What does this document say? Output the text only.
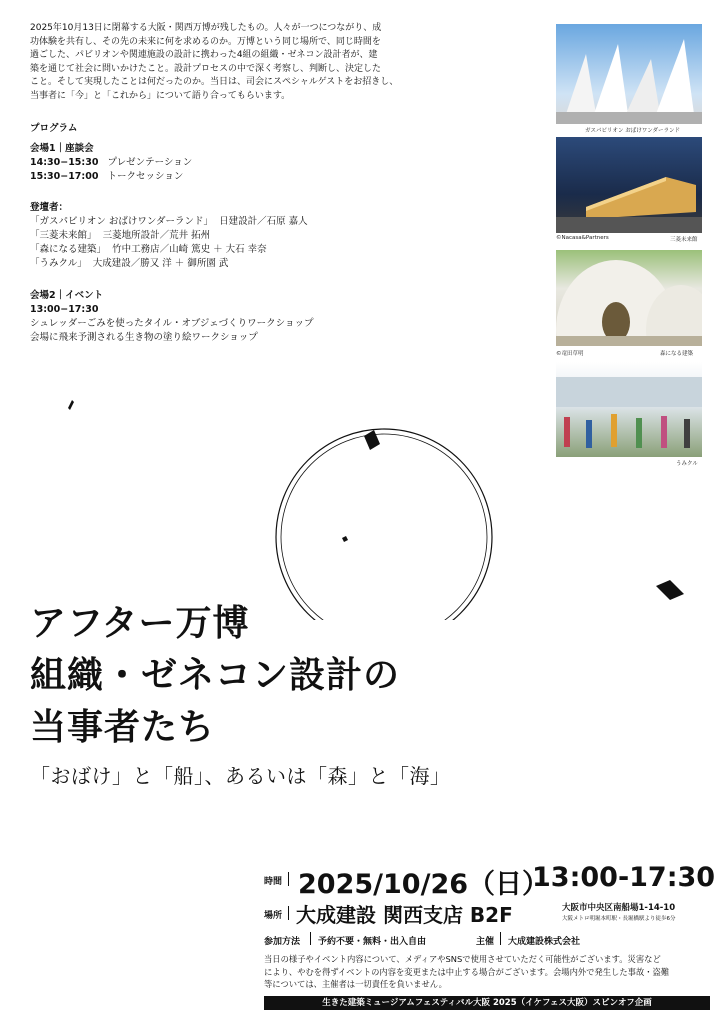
2025年10月13日に閉幕する大阪・関西万博が残したもの。人々が一つにつながり、成

功体験を共有し、その先の未来に何を求めるのか。万博という同じ場所で、同じ時間を

過ごした、パビリオンや関連施設の設計に携わった4組の組織・ゼネコン設計者が、建

築を通じて社会に問いかけたこと。設計プロセスの中で深く考察し、判断し、決定した

こと。そして実現したことは何だったのか。当日は、司会にスペシャルゲストをお招きし、

当事者に「今」と「これから」について語り合ってもらいます。

プログラム
会場1｜座談会
14:30−15:30 プレゼンテーション
15:30−17:00 トークセッション
登壇者：
「ガスパビリオン おばけワンダーランド」 日建設計／石原 嘉人
「三菱未来館」 三菱地所設計／荒井 拓州
「森になる建築」 竹中工務店／山崎 篤史 ＋ 大石 幸奈
「うみクル」 大成建設／勝又 洋 ＋ 御所園 武
会場2｜イベント
13:00−17:30
シュレッダーごみを使ったタイル・オブジェづくりワークショップ
会場に飛来予測される生き物の塗り絵ワークショップ
ガスパビリオン おばけワンダーランド
©Nacasa&Partners	三菱未来館
©竜田草明	森になる建築
うみクル
アフター万博
組織・ゼネコン設計の
当事者たち
「おばけ」と「船」、あるいは「森」と「海」
時間 2025/10/26（日）
13:00-17:30
場所 大成建設 関西支店 B2F	大阪市中央区南船場1-14-10
大阪メトロ明堀本町駅・長堀橋駅より徒歩6分
参加方法 予約不要・無料・出入自由	主催 大成建設株式会社
当日の様子やイベント内容について、メディアやSNSで使用させていただく可能性がございます。災害など
により、やむを得ずイベントの内容を変更または中止する場合がございます。会場内外で発生した事故・盗難
等については、主催者は一切責任を負いません。
生きた建築ミュージアムフェスティバル大阪 2025（イケフェス大阪）スピンオフ企画
